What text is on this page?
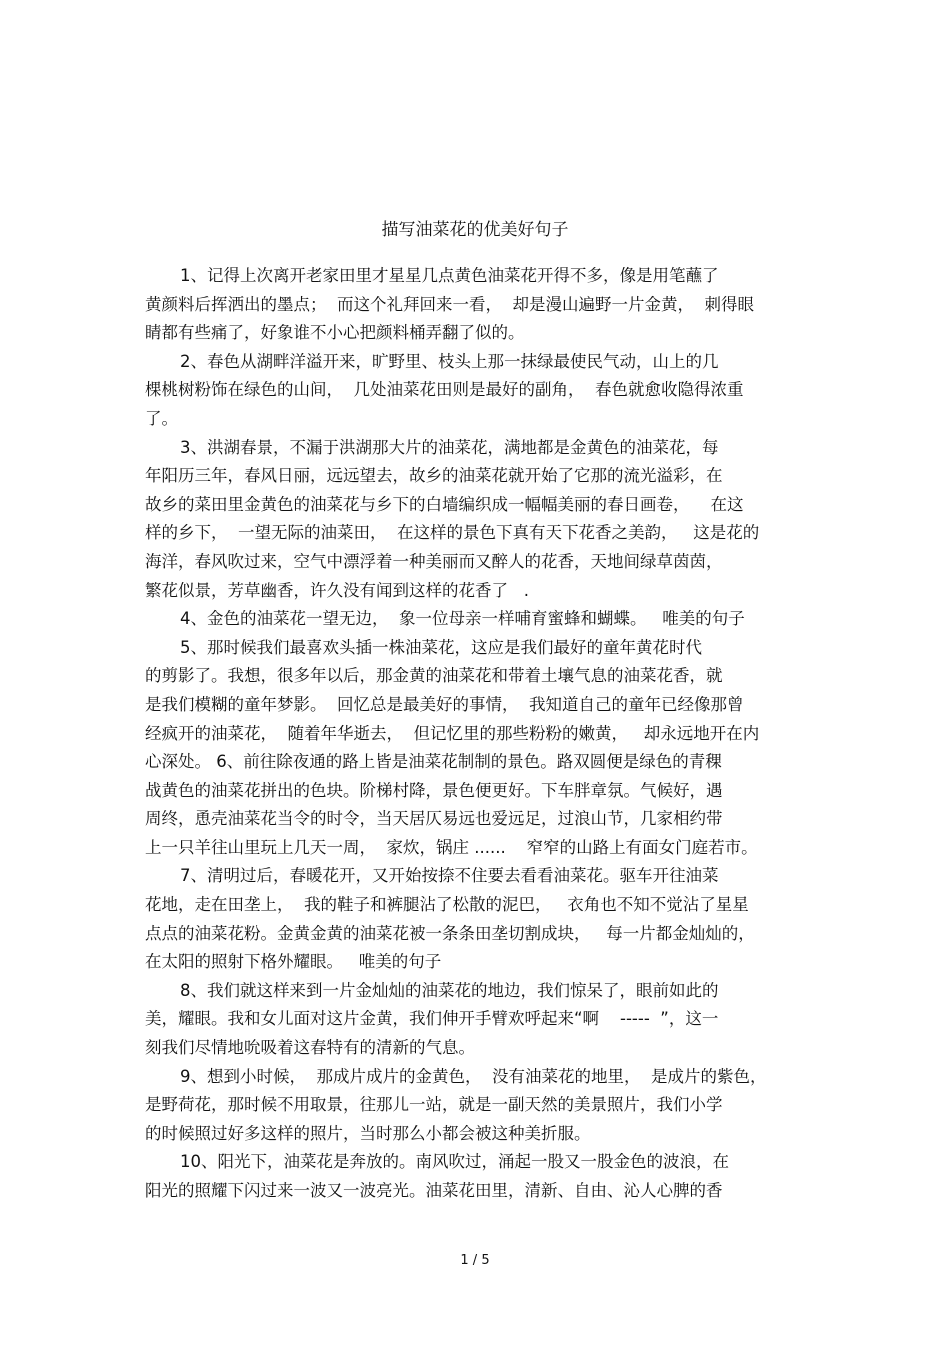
描写油菜花的优美好句子
1、记得上次离开老家田里才星星几点黄色油菜花开得不多，像是用笔蘸了
黄颜料后挥洒出的墨点；  而这个礼拜回来一看，  却是漫山遍野一片金黄，  刺得眼
睛都有些痛了，好象谁不小心把颜料桶弄翻了似的。
2、春色从湖畔洋溢开来，旷野里、枝头上那一抹绿最使民气动，山上的几
棵桃树粉饰在绿色的山间，  几处油菜花田则是最好的副角，  春色就愈收隐得浓重
了。
3、洪湖春景，不漏于洪湖那大片的油菜花，满地都是金黄色的油菜花，每
年阳历三年，春风日丽，远远望去，故乡的油菜花就开始了它那的流光溢彩，在
故乡的菜田里金黄色的油菜花与乡下的白墙编织成一幅幅美丽的春日画卷，    在这
样的乡下，  一望无际的油菜田，  在这样的景色下真有天下花香之美韵，   这是花的
海洋，春风吹过来，空气中漂浮着一种美丽而又醉人的花香，天地间绿草茵茵，
繁花似景，芳草幽香，许久没有闻到这样的花香了   .
4、金色的油菜花一望无边，  象一位母亲一样哺育蜜蜂和蝴蝶。   唯美的句子
5、那时候我们最喜欢头插一株油菜花，这应是我们最好的童年黄花时代
的剪影了。我想，很多年以后，那金黄的油菜花和带着土壤气息的油菜花香，就
是我们模糊的童年梦影。  回忆总是最美好的事情，  我知道自己的童年已经像那曾
经疯开的油菜花，  随着年华逝去，  但记忆里的那些粉粉的嫩黄，   却永远地开在内
心深处。 6、前往除夜通的路上皆是油菜花制制的景色。路双圆便是绿色的青稞
战黄色的油菜花拼出的色块。阶梯村降，景色便更好。下车胖章氛。气候好，遇
周终，恿壳油菜花当令的时令，当天居仄易远也爱远足，过浪山节，几家相约带
上一只羊往山里玩上几天一周，  家炊，锅庄 ......    窄窄的山路上有面女门庭若市。
7、清明过后，春暖花开，又开始按捺不住要去看看油菜花。驱车开往油菜
花地，走在田垄上，  我的鞋子和裤腿沾了松散的泥巴，   衣角也不知不觉沾了星星
点点的油菜花粉。金黄金黄的油菜花被一条条田垄切割成块，   每一片都金灿灿的，
在太阳的照射下格外耀眼。   唯美的句子
8、我们就这样来到一片金灿灿的油菜花的地边，我们惊呆了，眼前如此的
美，耀眼。我和女儿面对这片金黄，我们伸开手臂欢呼起来“啊    -----  ”，这一
刻我们尽情地吮吸着这春特有的清新的气息。
9、想到小时候，  那成片成片的金黄色，  没有油菜花的地里，  是成片的紫色，
是野荷花，那时候不用取景，往那儿一站，就是一副天然的美景照片，我们小学
的时候照过好多这样的照片，当时那么小都会被这种美折服。
10、阳光下，油菜花是奔放的。南风吹过，涌起一股又一股金色的波浪，在
阳光的照耀下闪过来一波又一波亮光。油菜花田里，清新、自由、沁人心脾的香
1 / 5
